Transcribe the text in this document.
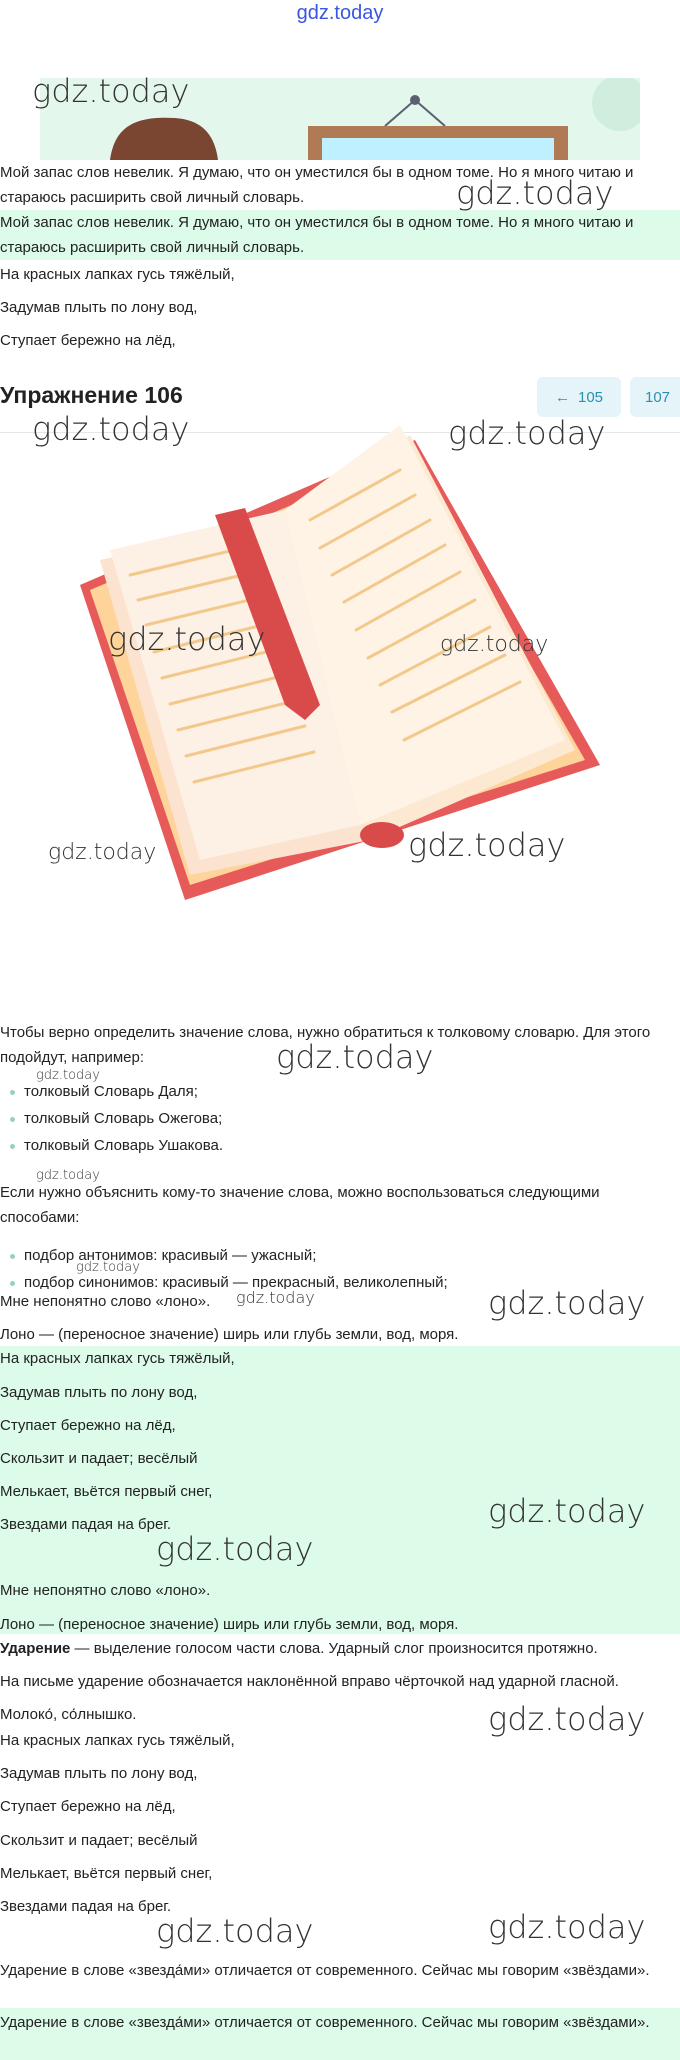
gdz.today
gdz.today
Мой запас слов невелик. Я думаю, что он уместился бы в одном томе. Но я много читаю и стараюсь расширить свой личный словарь.
Мой запас слов невелик. Я думаю, что он уместился бы в одном томе. Но я много читаю и стараюсь расширить свой личный словарь.
gdz.today
На красных лапках гусь тяжёлый,
Задумав плыть по лону вод,
Ступает бережно на лёд,
Упражнение 106	← 105	107
gdz.today	gdz.today
gdz.today	gdz.today
gdz.today	gdz.today
Чтобы верно определить значение слова, нужно обратиться к толковому словарю. Для этого подойдут, например:	gdz.today
gdz.today
толковый Словарь Даля;
толковый Словарь Ожегова;
толковый Словарь Ушакова.
gdz.today
Если нужно объяснить кому-то значение слова, можно воспользоваться следующими способами:
подбор антонимов: красивый — ужасный;
подбор синонимов: красивый — прекрасный, великолепный;
gdz.today
Мне непонятно слово «лоно».	gdz.today	gdz.today
Лоно — (переносное значение) ширь или глубь земли, вод, моря.
На красных лапках гусь тяжёлый,
Задумав плыть по лону вод,
Ступает бережно на лёд,
Скользит и падает; весёлый
Мелькает, вьётся первый снег,
Звездами падая на брег.	gdz.today
gdz.today
Мне непонятно слово «лоно».
Лоно — (переносное значение) ширь или глубь земли, вод, моря.
Ударение — выделение голосом части слова. Ударный слог произносится протяжно.
На письме ударение обозначается наклонённой вправо чёрточкой над ударной гласной.
Молоко́, со́лнышко.	gdz.today
На красных лапках гусь тяжёлый,
Задумав плыть по лону вод,
Ступает бережно на лёд,
Скользит и падает; весёлый
Мелькает, вьётся первый снег,
Звездами падая на брег.
gdz.today	gdz.today
Ударение в слове «звезда́ми» отличается от современного. Сейчас мы говорим «звёздами».
Ударение в слове «звезда́ми» отличается от современного. Сейчас мы говорим «звёздами».
